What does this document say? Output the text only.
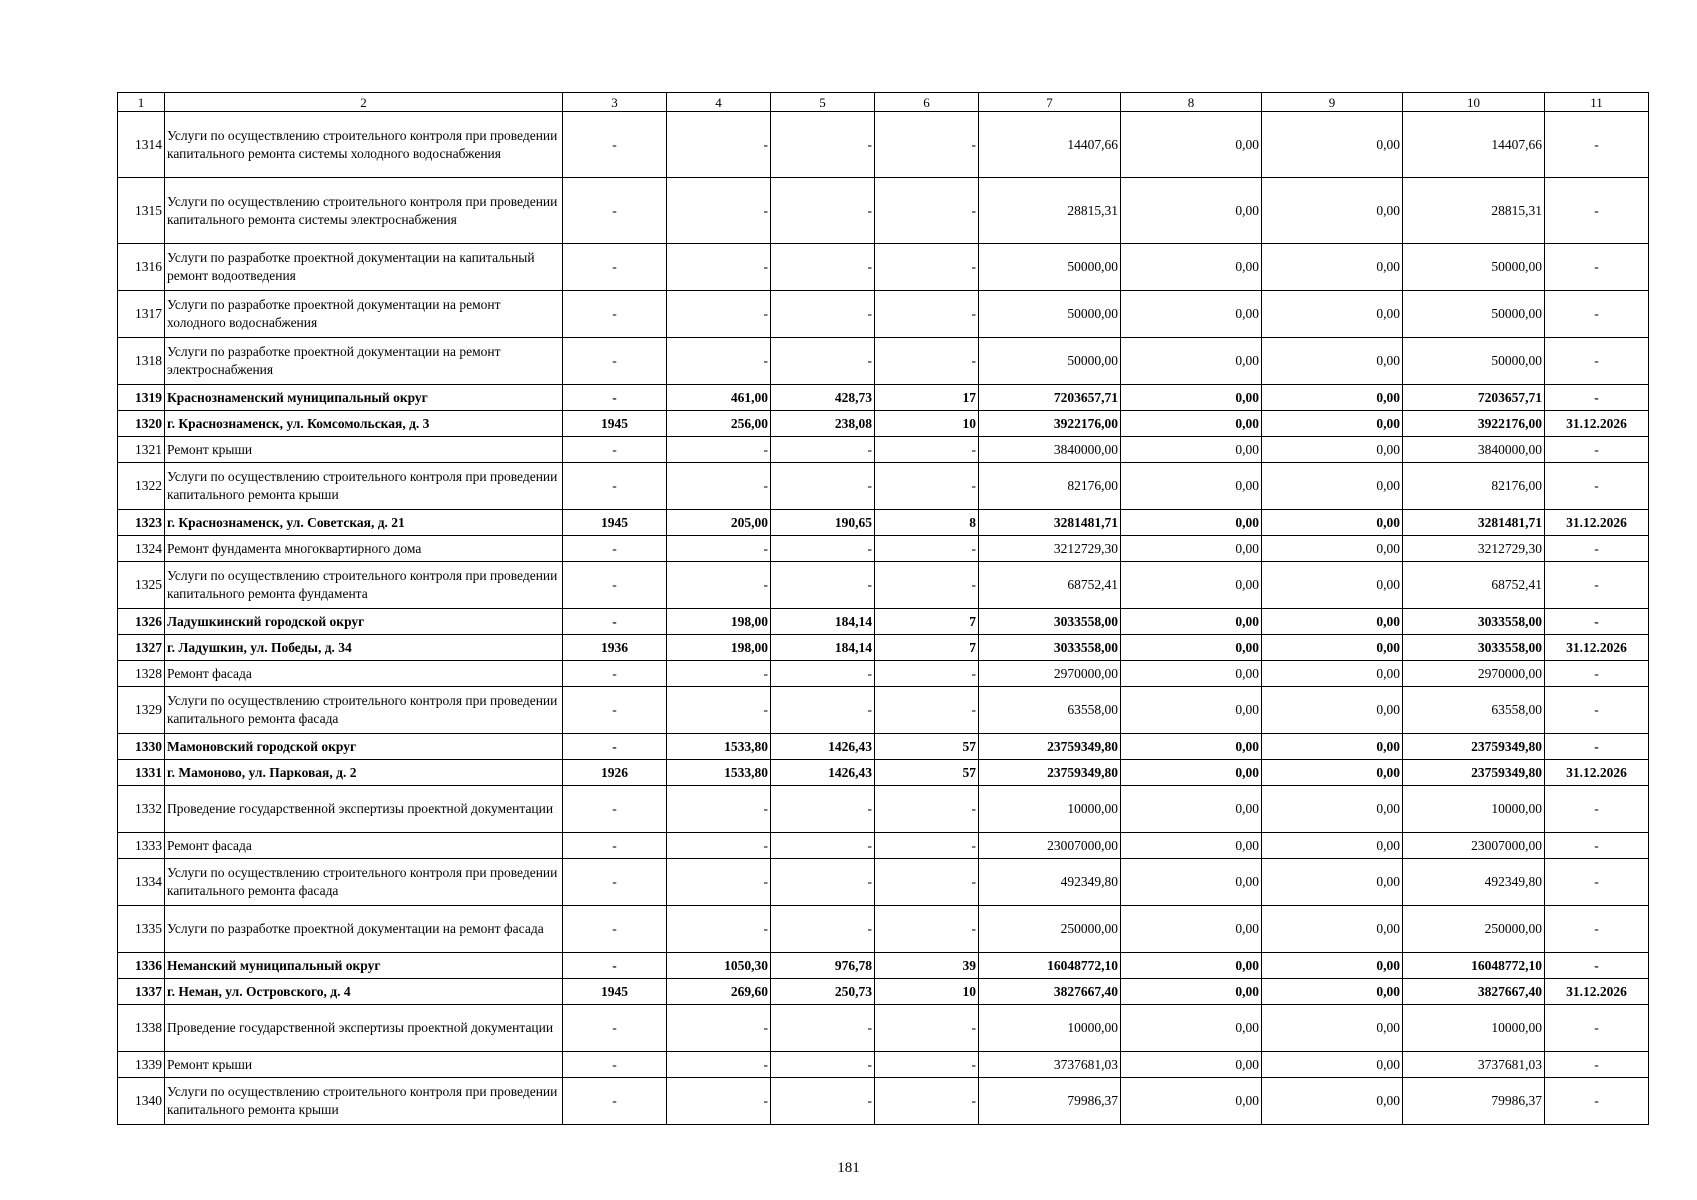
1	2	3	4	5	6	7	8	9	10	11
1314	Услуги по осуществлению строительного контроля при проведении капитального ремонта системы холодного водоснабжения	-	-	-	-	14407,66	0,00	0,00	14407,66	-
1315	Услуги по осуществлению строительного контроля при проведении капитального ремонта системы электроснабжения	-	-	-	-	28815,31	0,00	0,00	28815,31	-
1316	Услуги по разработке проектной документации на капитальный ремонт водоотведения	-	-	-	-	50000,00	0,00	0,00	50000,00	-
1317	Услуги по разработке проектной документации на ремонт холодного водоснабжения	-	-	-	-	50000,00	0,00	0,00	50000,00	-
1318	Услуги по разработке проектной документации на ремонт электроснабжения	-	-	-	-	50000,00	0,00	0,00	50000,00	-
1319	Краснознаменский муниципальный округ	-	461,00	428,73	17	7203657,71	0,00	0,00	7203657,71	-
1320	г. Краснознаменск, ул. Комсомольская, д. 3	1945	256,00	238,08	10	3922176,00	0,00	0,00	3922176,00	31.12.2026
1321	Ремонт крыши	-	-	-	-	3840000,00	0,00	0,00	3840000,00	-
1322	Услуги по осуществлению строительного контроля при проведении капитального ремонта крыши	-	-	-	-	82176,00	0,00	0,00	82176,00	-
1323	г. Краснознаменск, ул. Советская, д. 21	1945	205,00	190,65	8	3281481,71	0,00	0,00	3281481,71	31.12.2026
1324	Ремонт фундамента многоквартирного дома	-	-	-	-	3212729,30	0,00	0,00	3212729,30	-
1325	Услуги по осуществлению строительного контроля при проведении капитального ремонта фундамента	-	-	-	-	68752,41	0,00	0,00	68752,41	-
1326	Ладушкинский городской округ	-	198,00	184,14	7	3033558,00	0,00	0,00	3033558,00	-
1327	г. Ладушкин, ул. Победы, д. 34	1936	198,00	184,14	7	3033558,00	0,00	0,00	3033558,00	31.12.2026
1328	Ремонт фасада	-	-	-	-	2970000,00	0,00	0,00	2970000,00	-
1329	Услуги по осуществлению строительного контроля при проведении капитального ремонта фасада	-	-	-	-	63558,00	0,00	0,00	63558,00	-
1330	Мамоновский городской округ	-	1533,80	1426,43	57	23759349,80	0,00	0,00	23759349,80	-
1331	г. Мамоново, ул. Парковая, д. 2	1926	1533,80	1426,43	57	23759349,80	0,00	0,00	23759349,80	31.12.2026
1332	Проведение государственной экспертизы проектной документации	-	-	-	-	10000,00	0,00	0,00	10000,00	-
1333	Ремонт фасада	-	-	-	-	23007000,00	0,00	0,00	23007000,00	-
1334	Услуги по осуществлению строительного контроля при проведении капитального ремонта фасада	-	-	-	-	492349,80	0,00	0,00	492349,80	-
1335	Услуги по разработке проектной документации на ремонт фасада	-	-	-	-	250000,00	0,00	0,00	250000,00	-
1336	Неманский муниципальный округ	-	1050,30	976,78	39	16048772,10	0,00	0,00	16048772,10	-
1337	г. Неман, ул. Островского, д. 4	1945	269,60	250,73	10	3827667,40	0,00	0,00	3827667,40	31.12.2026
1338	Проведение государственной экспертизы проектной документации	-	-	-	-	10000,00	0,00	0,00	10000,00	-
1339	Ремонт крыши	-	-	-	-	3737681,03	0,00	0,00	3737681,03	-
1340	Услуги по осуществлению строительного контроля при проведении капитального ремонта крыши	-	-	-	-	79986,37	0,00	0,00	79986,37	-
181
